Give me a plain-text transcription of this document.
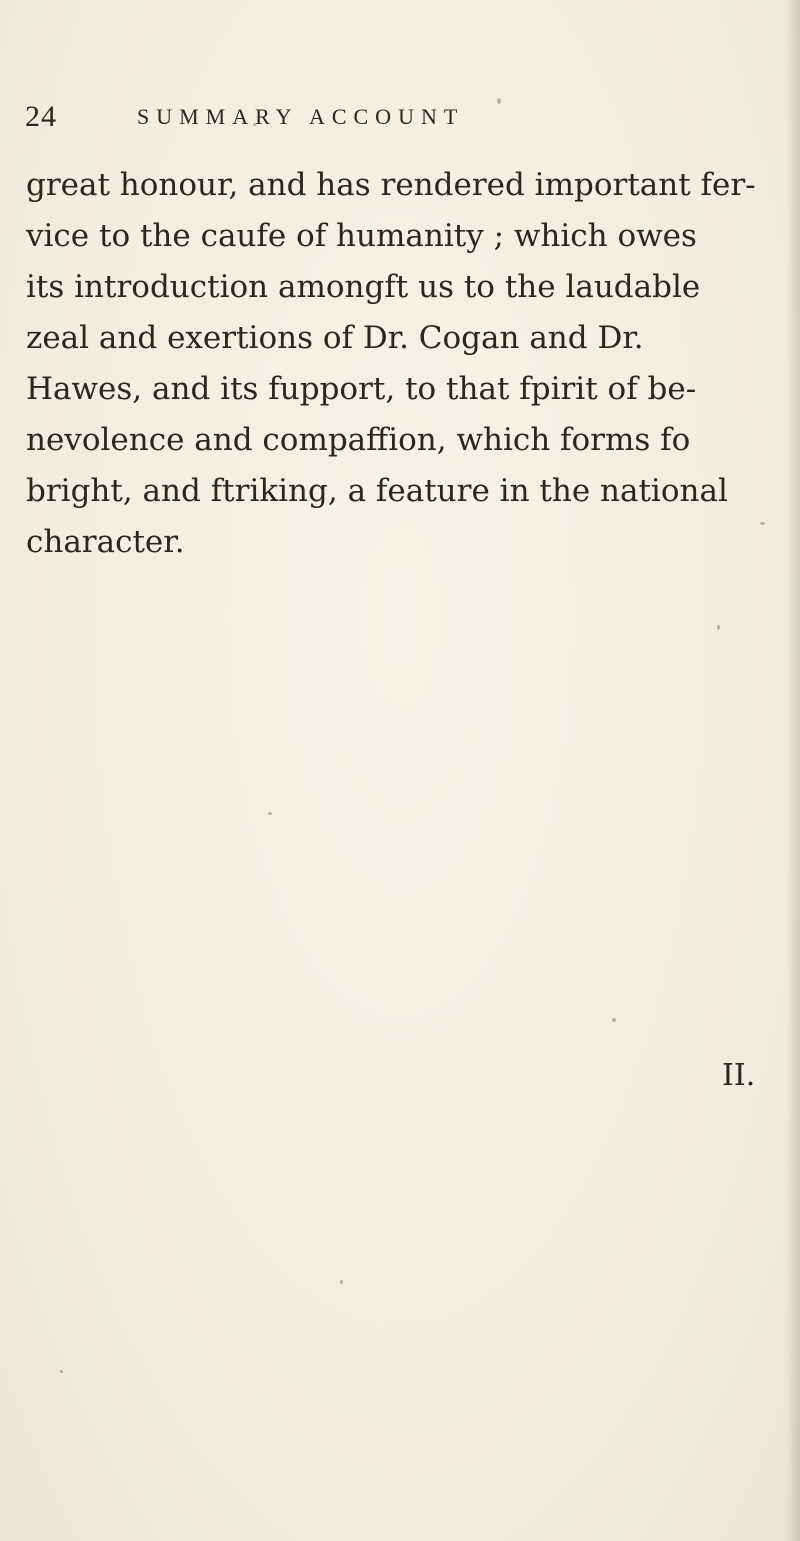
24	SUMMARY ACCOUNT

great honour, and has rendered important fer-
vice to the caufe of humanity ; which owes
its introduction amongft us to the laudable
zeal and exertions of Dr. Cogan and Dr.
Hawes, and its fupport, to that fpirit of be-
nevolence and compaffion, which forms fo
bright, and ftriking, a feature in the national
character.

II.
